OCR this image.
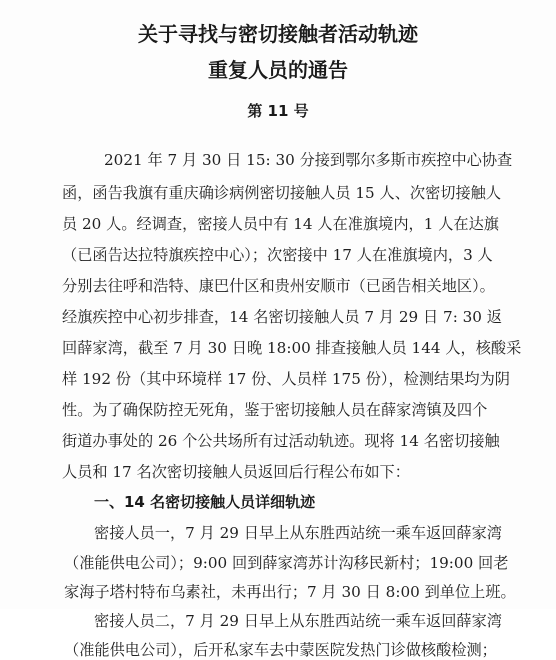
关于寻找与密切接触者活动轨迹
重复人员的通告
第 11 号
2021 年 7 月 30 日 15: 30 分接到鄂尔多斯市疾控中心协查
函，函告我旗有重庆确诊病例密切接触人员 15 人、次密切接触人
员 20 人。经调查，密接人员中有 14 人在准旗境内，1 人在达旗
（已函告达拉特旗疾控中心）；次密接中 17 人在准旗境内，3 人
分别去往呼和浩特、康巴什区和贵州安顺市（已函告相关地区）。
经旗疾控中心初步排查，14 名密切接触人员 7 月 29 日 7: 30 返
回薛家湾，截至 7 月 30 日晚 18:00 排查接触人员 144 人，核酸采
样 192 份（其中环境样 17 份、人员样 175 份），检测结果均为阴
性。为了确保防控无死角，鉴于密切接触人员在薛家湾镇及四个
街道办事处的 26 个公共场所有过活动轨迹。现将 14 名密切接触
人员和 17 名次密切接触人员返回后行程公布如下：
一、14 名密切接触人员详细轨迹
密接人员一，7 月 29 日早上从东胜西站统一乘车返回薛家湾
（准能供电公司）；9:00 回到薛家湾苏计沟移民新村；19:00 回老
家海子塔村特布乌素社，未再出行；7 月 30 日 8:00 到单位上班。
密接人员二，7 月 29 日早上从东胜西站统一乘车返回薛家湾
（准能供电公司），后开私家车去中蒙医院发热门诊做核酸检测；
